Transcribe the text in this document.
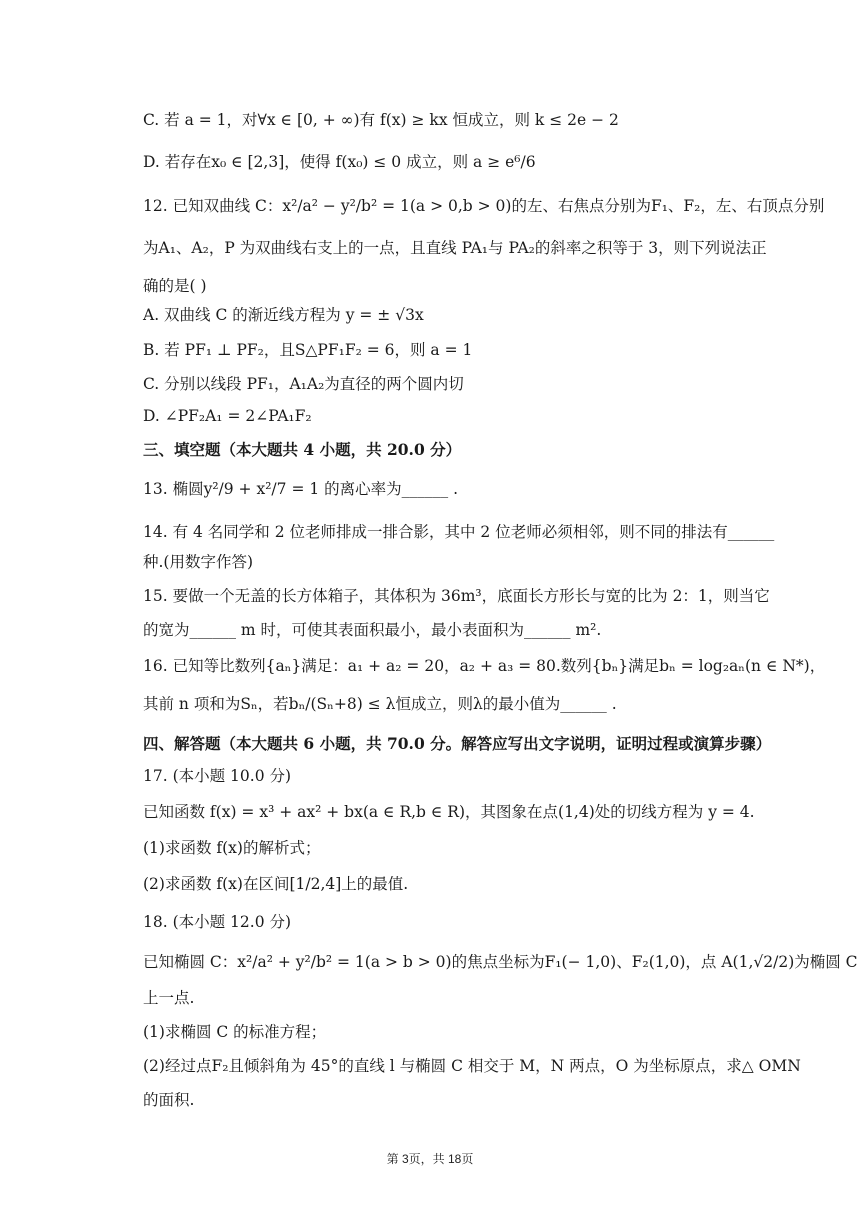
C. 若 a = 1，对∀x ∈ [0, + ∞)有 f(x) ≥ kx 恒成立，则 k ≤ 2e − 2
D. 若存在x₀ ∈ [2,3]，使得 f(x₀) ≤ 0 成立，则 a ≥ e⁶/6
12. 已知双曲线 C：x²/a² − y²/b² = 1(a > 0,b > 0)的左、右焦点分别为F₁、F₂，左、右顶点分别
为A₁、A₂，P 为双曲线右支上的一点，且直线 PA₁与 PA₂的斜率之积等于 3，则下列说法正
确的是( )
A. 双曲线 C 的渐近线方程为 y = ± √3x
B. 若 PF₁ ⊥ PF₂，且S△PF₁F₂ = 6，则 a = 1
C. 分别以线段 PF₁，A₁A₂为直径的两个圆内切
D. ∠PF₂A₁ = 2∠PA₁F₂
三、填空题（本大题共 4 小题，共 20.0 分）
13. 椭圆y²/9 + x²/7 = 1 的离心率为______ .
14. 有 4 名同学和 2 位老师排成一排合影，其中 2 位老师必须相邻，则不同的排法有______
种.(用数字作答)
15. 要做一个无盖的长方体箱子，其体积为 36m³，底面长方形长与宽的比为 2：1，则当它
的宽为______ m 时，可使其表面积最小，最小表面积为______ m².
16. 已知等比数列{aₙ}满足：a₁ + a₂ = 20，a₂ + a₃ = 80.数列{bₙ}满足bₙ = log₂aₙ(n ∈ N*)，
其前 n 项和为Sₙ，若bₙ/(Sₙ+8) ≤ λ恒成立，则λ的最小值为______ .
四、解答题（本大题共 6 小题，共 70.0 分。解答应写出文字说明，证明过程或演算步骤）
17. (本小题 10.0 分)
已知函数 f(x) = x³ + ax² + bx(a ∈ R,b ∈ R)，其图象在点(1,4)处的切线方程为 y = 4.
(1)求函数 f(x)的解析式；
(2)求函数 f(x)在区间[1/2,4]上的最值.
18. (本小题 12.0 分)
已知椭圆 C：x²/a² + y²/b² = 1(a > b > 0)的焦点坐标为F₁(− 1,0)、F₂(1,0)，点 A(1,√2/2)为椭圆 C
上一点.
(1)求椭圆 C 的标准方程；
(2)经过点F₂且倾斜角为 45°的直线 l 与椭圆 C 相交于 M，N 两点，O 为坐标原点，求△ OMN
的面积.
第 3页，共 18页
